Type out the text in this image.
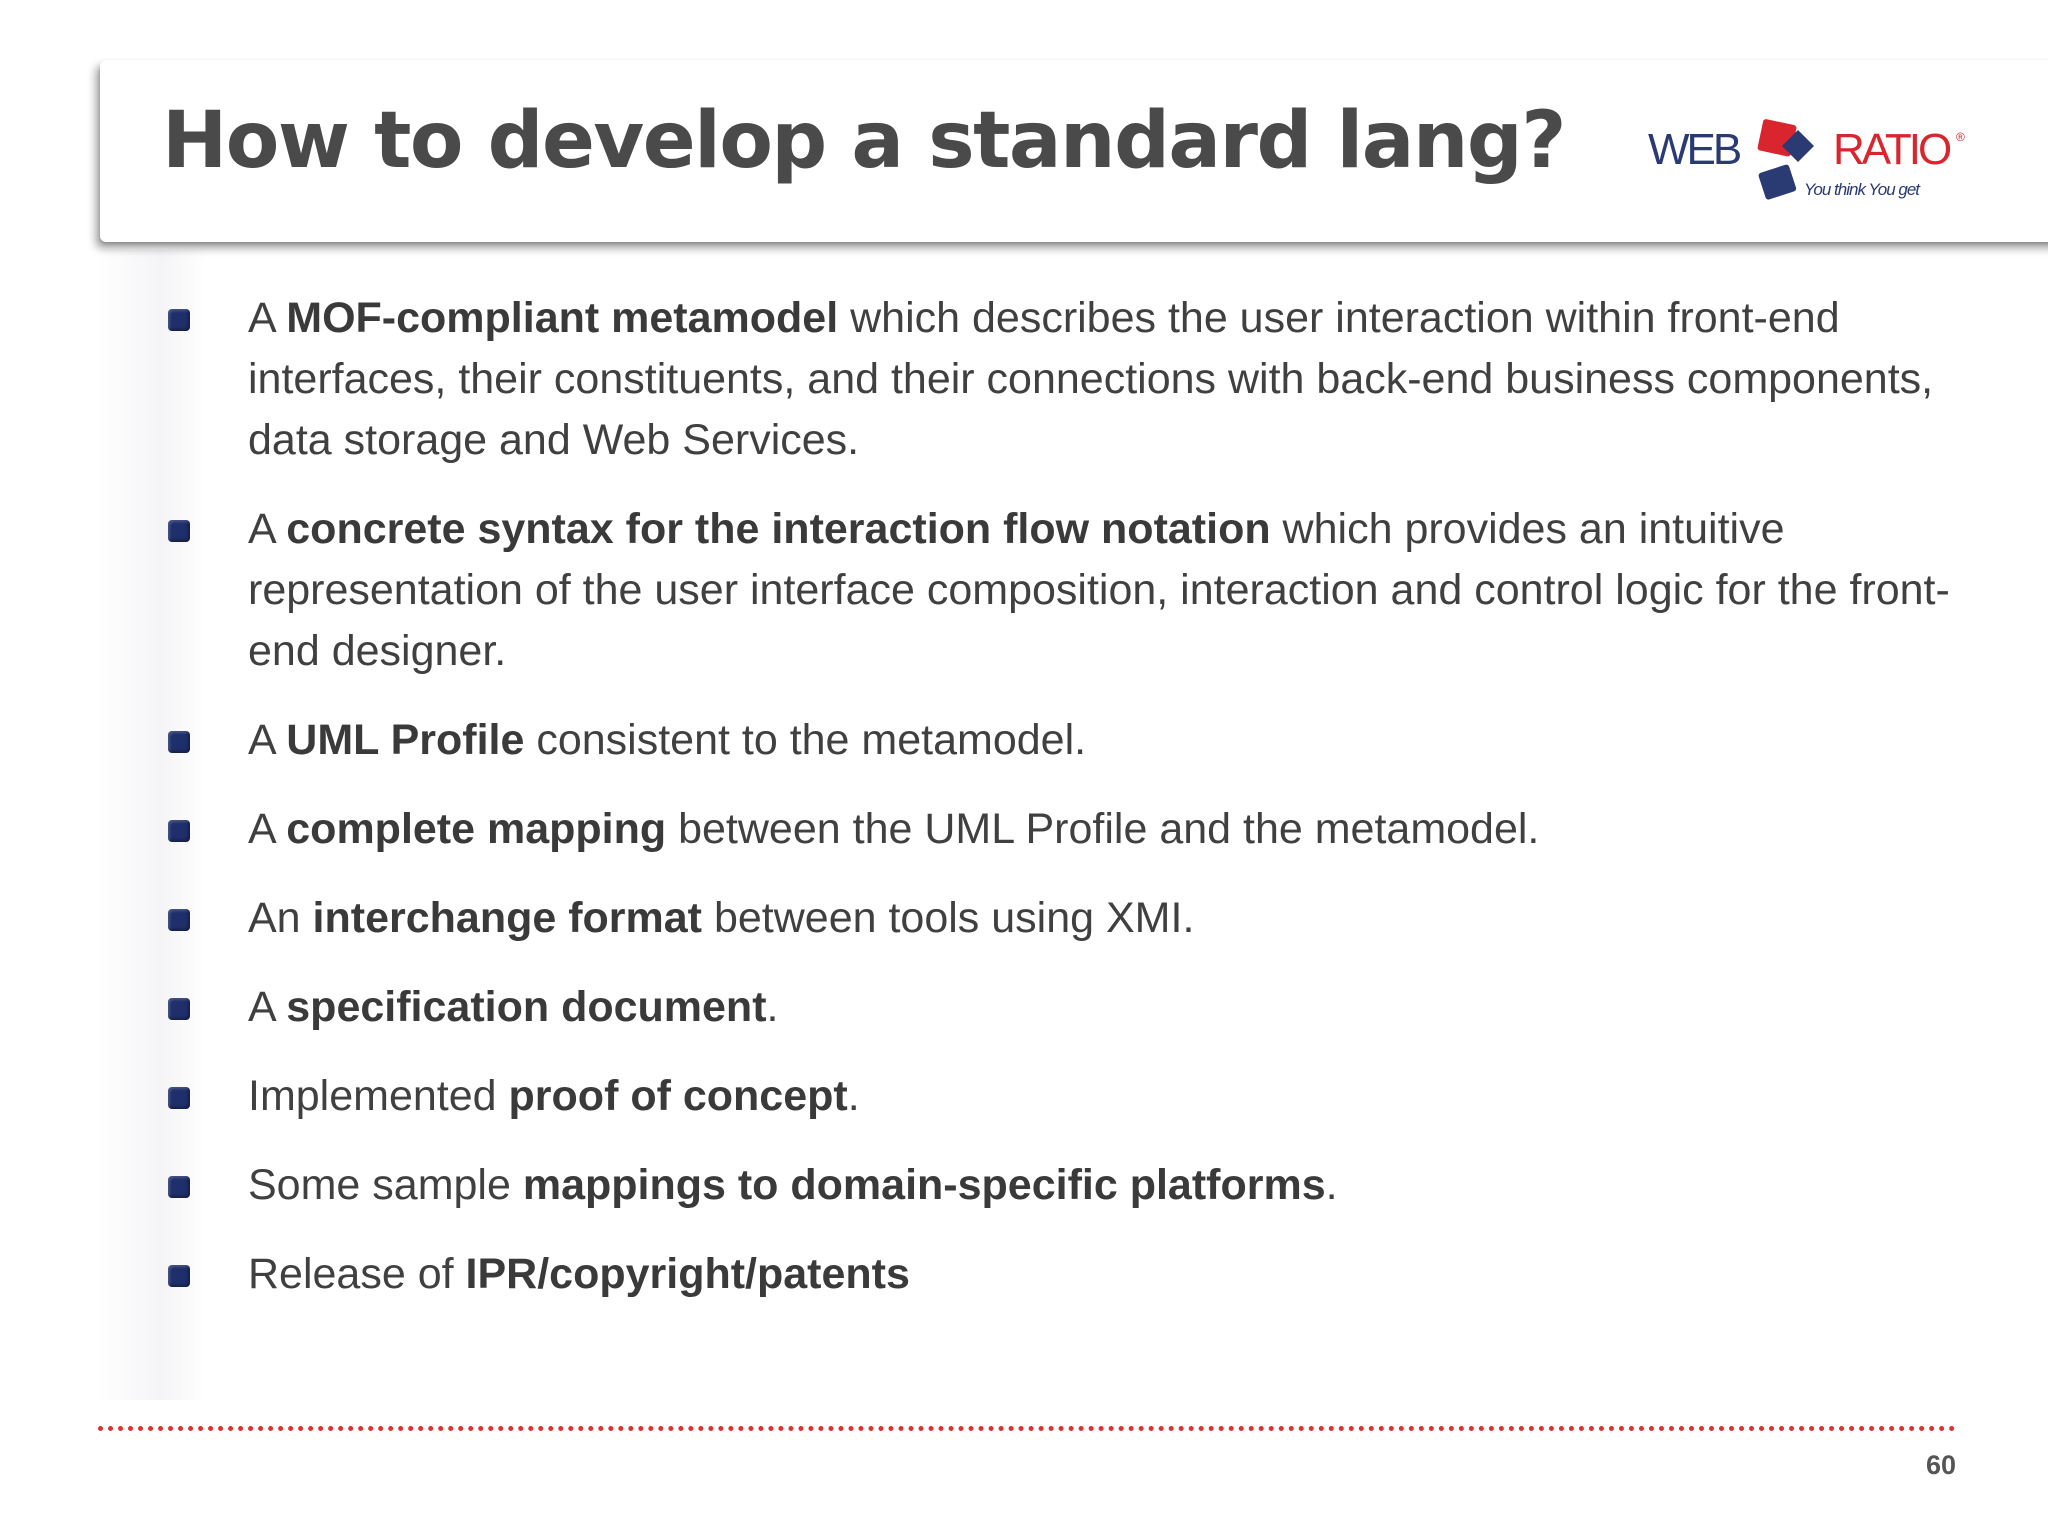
How to develop a standard lang? WEB RATIO ®
You think You get
A MOF-compliant metamodel which describes the user interaction within front-end interfaces, their constituents, and their connections with back-end business components, data storage and Web Services.
A concrete syntax for the interaction flow notation which provides an intuitive representation of the user interface composition, interaction and control logic for the front-end designer.
A UML Profile consistent to the metamodel.
A complete mapping between the UML Profile and the metamodel.
An interchange format between tools using XMI.
A specification document.
Implemented proof of concept.
Some sample mappings to domain-specific platforms.
Release of IPR/copyright/patents
60
